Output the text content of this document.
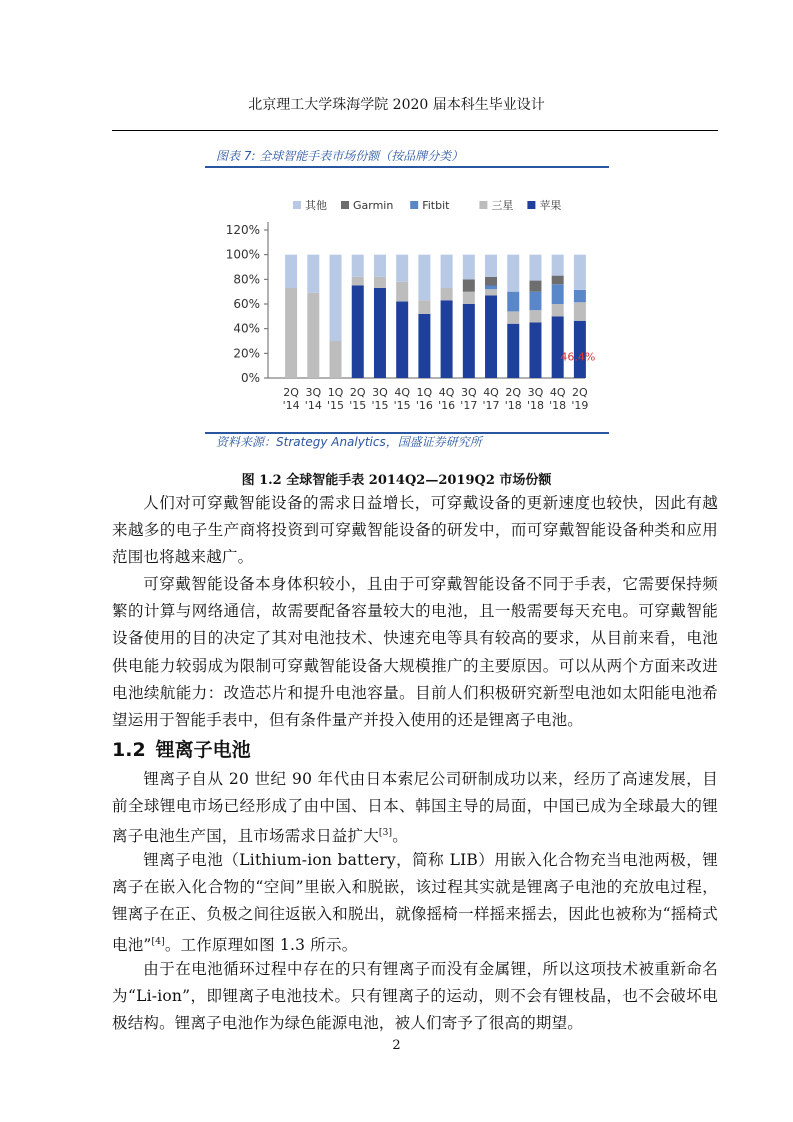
北京理工大学珠海学院 2020 届本科生毕业设计
图表 7: 全球智能手表市场份额（按品牌分类）
其他 Garmin	Fitbit	三星 苹果
0%
20%
40%
60%
80%
100%
120%
2Q
'14
3Q
'14
1Q
'15
2Q
'15
3Q
'15
4Q
'15
1Q
'16
4Q
'16
3Q
'17
4Q
'17
2Q
'18
3Q
'18
4Q
'18
2Q
'19
46.4%
资料来源：Strategy Analytics，国盛证券研究所
图 1.2 全球智能手表 2014Q2—2019Q2 市场份额
人们对可穿戴智能设备的需求日益增长，可穿戴设备的更新速度也较快，因此有越来越多的电子生产商将投资到可穿戴智能设备的研发中，而可穿戴智能设备种类和应用范围也将越来越广。
可穿戴智能设备本身体积较小，且由于可穿戴智能设备不同于手表，它需要保持频繁的计算与网络通信，故需要配备容量较大的电池，且一般需要每天充电。可穿戴智能设备使用的目的决定了其对电池技术、快速充电等具有较高的要求，从目前来看，电池供电能力较弱成为限制可穿戴智能设备大规模推广的主要原因。可以从两个方面来改进电池续航能力：改造芯片和提升电池容量。目前人们积极研究新型电池如太阳能电池希望运用于智能手表中，但有条件量产并投入使用的还是锂离子电池。
1.2 锂离子电池
锂离子自从 20 世纪 90 年代由日本索尼公司研制成功以来，经历了高速发展，目前全球锂电市场已经形成了由中国、日本、韩国主导的局面，中国已成为全球最大的锂离子电池生产国，且市场需求日益扩大[3]。
锂离子电池（Lithium-ion battery，简称 LIB）用嵌入化合物充当电池两极，锂离子在嵌入化合物的“空间”里嵌入和脱嵌，该过程其实就是锂离子电池的充放电过程，锂离子在正、负极之间往返嵌入和脱出，就像摇椅一样摇来摇去，因此也被称为“摇椅式电池”[4]。工作原理如图 1.3 所示。
由于在电池循环过程中存在的只有锂离子而没有金属锂，所以这项技术被重新命名为“Li-ion”，即锂离子电池技术。只有锂离子的运动，则不会有锂枝晶，也不会破坏电极结构。锂离子电池作为绿色能源电池，被人们寄予了很高的期望。
2
